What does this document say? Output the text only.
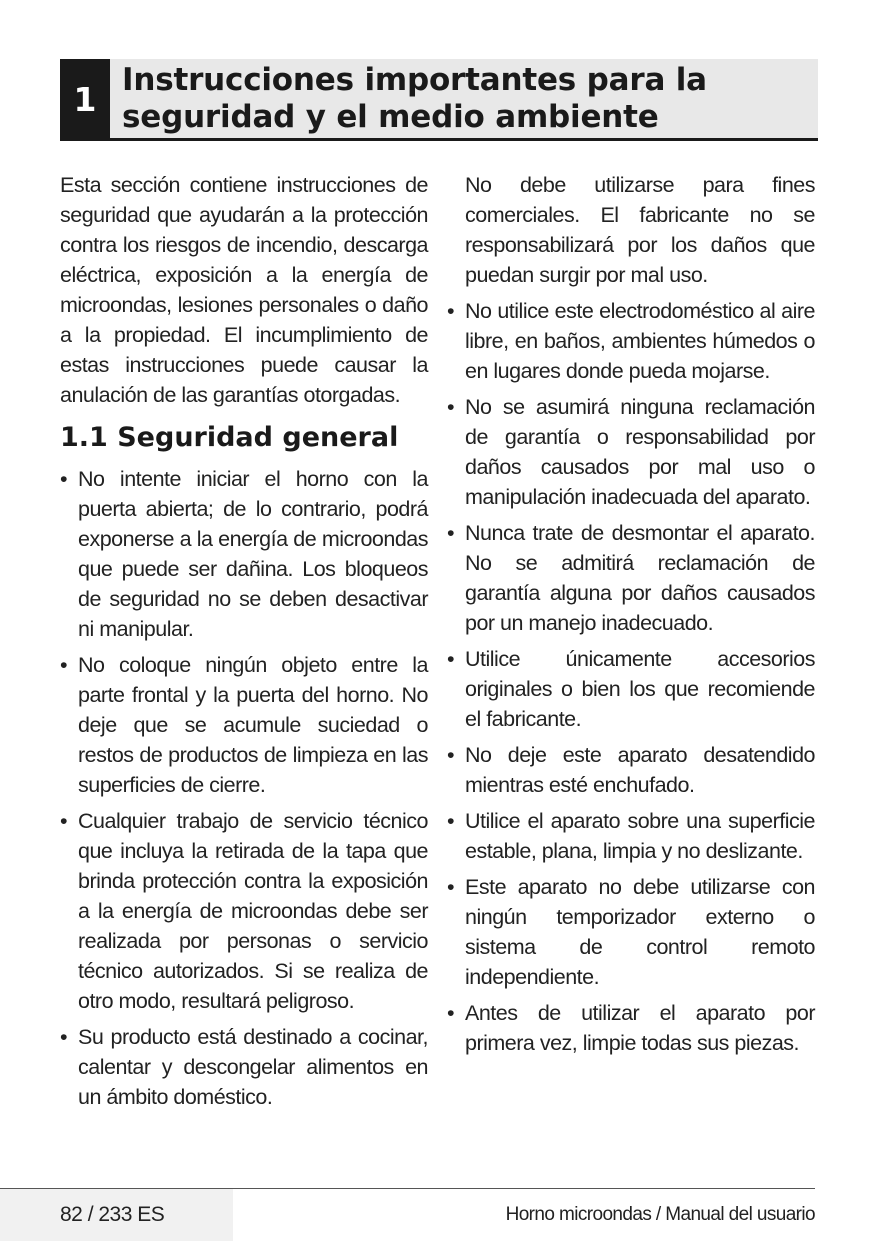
1 Instrucciones importantes para la
seguridad y el medio ambiente

Esta sección contiene instrucciones de seguridad que ayudarán a la protección contra los riesgos de incendio, descarga eléctrica, exposición a la energía de microondas, lesiones personales o daño a la propiedad. El incumplimiento de estas instrucciones puede causar la anulación de las garantías otorgadas.

1.1 Seguridad general
• No intente iniciar el horno con la puerta abierta; de lo contrario, podrá exponerse a la energía de microondas que puede ser dañina. Los bloqueos de seguridad no se deben desactivar ni manipular.
• No coloque ningún objeto entre la parte frontal y la puerta del horno. No deje que se acumule suciedad o restos de productos de limpieza en las superficies de cierre.
• Cualquier trabajo de servicio técnico que incluya la retirada de la tapa que brinda protección contra la exposición a la energía de microondas debe ser realizada por personas o servicio técnico autorizados. Si se realiza de otro modo, resultará peligroso.
• Su producto está destinado a cocinar, calentar y descongelar alimentos en un ámbito doméstico.

No debe utilizarse para fines comerciales. El fabricante no se responsabilizará por los daños que puedan surgir por mal uso.

• No utilice este electrodoméstico al aire libre, en baños, ambientes húmedos o en lugares donde pueda mojarse.
• No se asumirá ninguna reclamación de garantía o responsabilidad por daños causados por mal uso o manipulación inadecuada del aparato.
• Nunca trate de desmontar el aparato. No se admitirá reclamación de garantía alguna por daños causados por un manejo inadecuado.
• Utilice únicamente accesorios originales o bien los que recomiende el fabricante.
• No deje este aparato desatendido mientras esté enchufado.
• Utilice el aparato sobre una superficie estable, plana, limpia y no deslizante.
• Este aparato no debe utilizarse con ningún temporizador externo o sistema de control remoto independiente.
• Antes de utilizar el aparato por primera vez, limpie todas sus piezas.
82 / 233 ES	Horno microondas / Manual del usuario
